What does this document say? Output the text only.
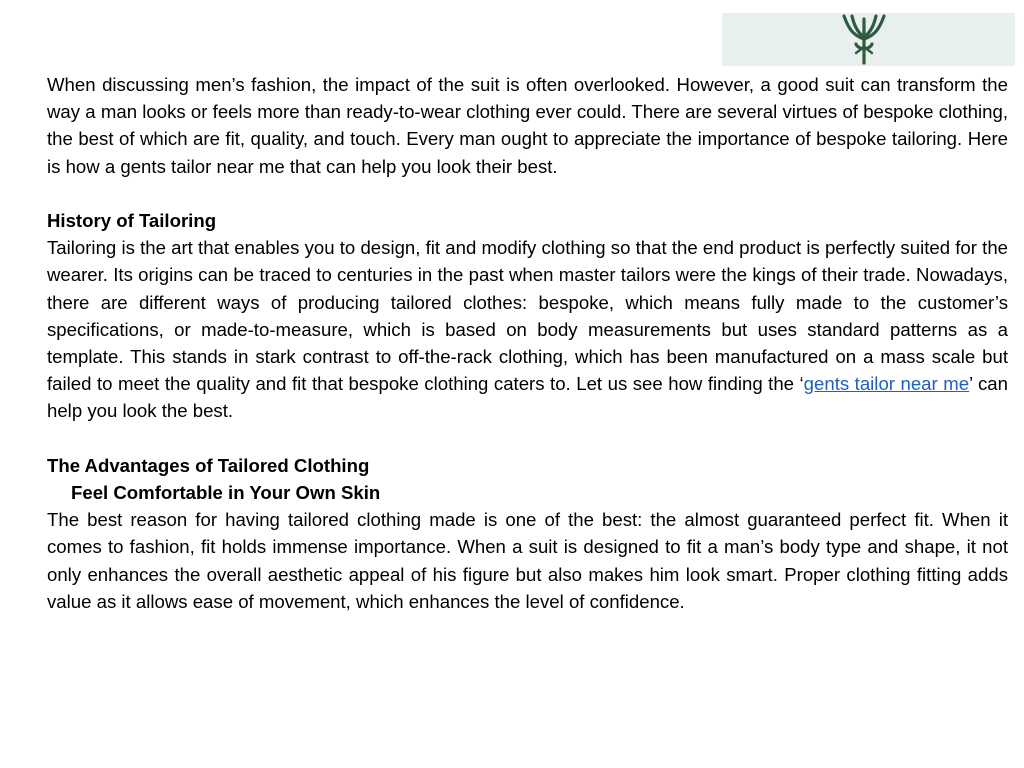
When discussing men’s fashion, the impact of the suit is often overlooked. However, a good suit can transform the way a man looks or feels more than ready-to-wear clothing ever could. There are several virtues of bespoke clothing, the best of which are fit, quality, and touch. Every man ought to appreciate the importance of bespoke tailoring. Here is how a gents tailor near me that can help you look their best.

History of Tailoring

Tailoring is the art that enables you to design, fit and modify clothing so that the end product is perfectly suited for the wearer. Its origins can be traced to centuries in the past when master tailors were the kings of their trade. Nowadays, there are different ways of producing tailored clothes: bespoke, which means fully made to the customer’s specifications, or made-to-measure, which is based on body measurements but uses standard patterns as a template. This stands in stark contrast to off-the-rack clothing, which has been manufactured on a mass scale but failed to meet the quality and fit that bespoke clothing caters to. Let us see how finding the ‘gents tailor near me’ can help you look the best.

The Advantages of Tailored Clothing
Feel Comfortable in Your Own Skin

The best reason for having tailored clothing made is one of the best: the almost guaranteed perfect fit. When it comes to fashion, fit holds immense importance. When a suit is designed to fit a man’s body type and shape, it not only enhances the overall aesthetic appeal of his figure but also makes him look smart. Proper clothing fitting adds value as it allows ease of movement, which enhances the level of confidence.
